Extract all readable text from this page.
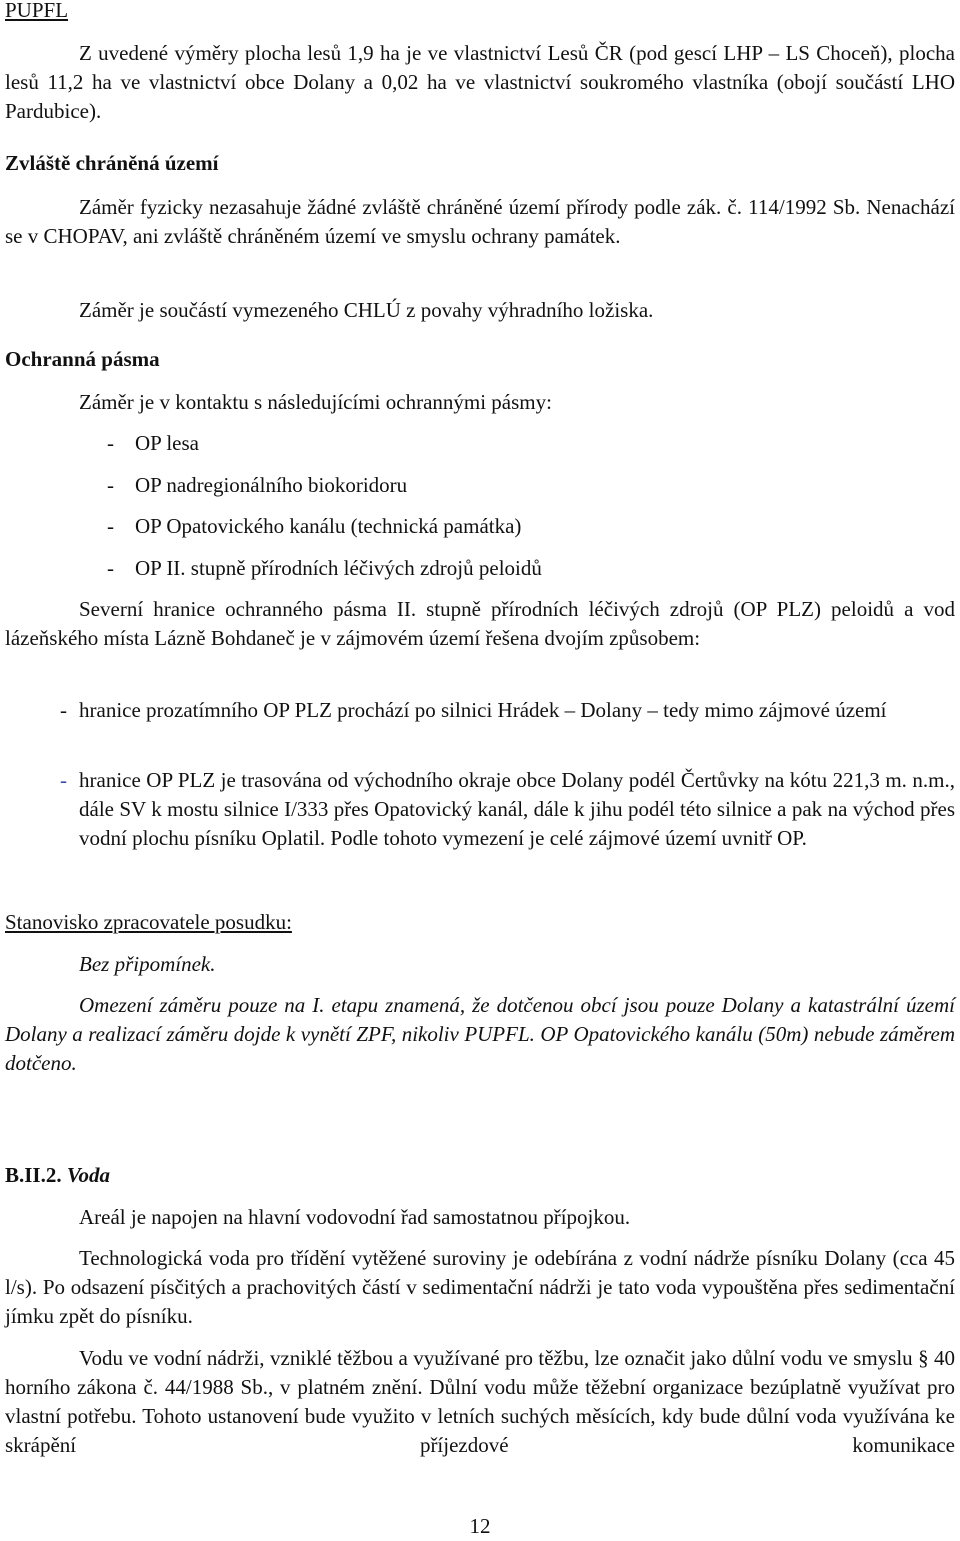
PUPFL

Z uvedené výměry plocha lesů 1,9 ha je ve vlastnictví Lesů ČR (pod gescí LHP – LS Choceň), plocha lesů 11,2 ha ve vlastnictví obce Dolany a 0,02 ha ve vlastnictví soukromého vlastníka (obojí součástí LHO Pardubice).

Zvláště chráněná území

Záměr fyzicky nezasahuje žádné zvláště chráněné území přírody podle zák. č. 114/1992 Sb. Nenachází se v CHOPAV, ani zvláště chráněném území ve smyslu ochrany památek.

Záměr je součástí vymezeného CHLÚ z povahy výhradního ložiska.

Ochranná pásma

Záměr je v kontaktu s následujícími ochrannými pásmy:

- OP lesa
- OP nadregionálního biokoridoru
- OP Opatovického kanálu (technická památka)
- OP II. stupně přírodních léčivých zdrojů peloidů

Severní hranice ochranného pásma II. stupně přírodních léčivých zdrojů (OP PLZ) peloidů a vod lázeňského místa Lázně Bohdaneč je v zájmovém území řešena dvojím způsobem:

- hranice prozatímního OP PLZ prochází po silnici Hrádek – Dolany – tedy mimo zájmové území
- hranice OP PLZ je trasována od východního okraje obce Dolany podél Čertůvky na kótu 221,3 m. n.m., dále SV k mostu silnice I/333 přes Opatovický kanál, dále k jihu podél této silnice a pak na východ přes vodní plochu písníku Oplatil. Podle tohoto vymezení je celé zájmové území uvnitř OP.
Stanovisko zpracovatele posudku:

Bez připomínek.

Omezení záměru pouze na I. etapu znamená, že dotčenou obcí jsou pouze Dolany a katastrální území Dolany a realizací záměru dojde k vynětí ZPF, nikoliv PUPFL. OP Opatovického kanálu (50m) nebude záměrem dotčeno.

B.II.2. Voda

Areál je napojen na hlavní vodovodní řad samostatnou přípojkou.

Technologická voda pro třídění vytěžené suroviny je odebírána z vodní nádrže písníku Dolany (cca 45 l/s). Po odsazení písčitých a prachovitých částí v sedimentační nádrži je tato voda vypouštěna přes sedimentační jímku zpět do písníku.

Vodu ve vodní nádrži, vzniklé těžbou a využívané pro těžbu, lze označit jako důlní vodu ve smyslu § 40 horního zákona č. 44/1988 Sb., v platném znění. Důlní vodu může těžební organizace bezúplatně využívat pro vlastní potřebu. Tohoto ustanovení bude využito v letních suchých měsících, kdy bude důlní voda využívána ke skrápění příjezdové komunikace

12
